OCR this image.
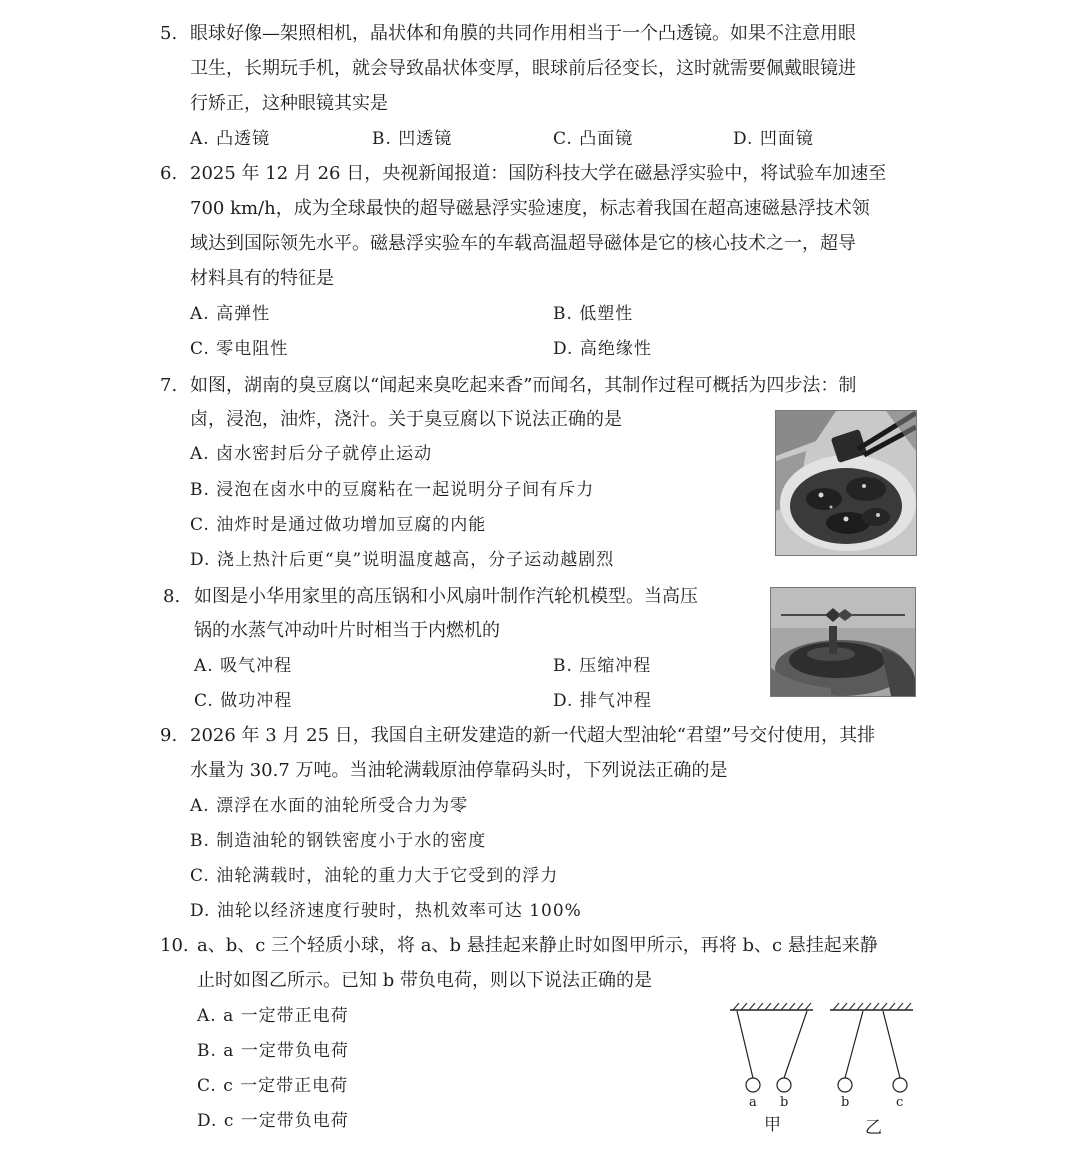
5. 眼球好像—架照相机，晶状体和角膜的共同作用相当于一个凸透镜。如果不注意用眼
卫生，长期玩手机，就会导致晶状体变厚，眼球前后径变长，这时就需要佩戴眼镜进
行矫正，这种眼镜其实是
A. 凸透镜	B. 凹透镜	C. 凸面镜	D. 凹面镜
6. 2025 年 12 月 26 日，央视新闻报道：国防科技大学在磁悬浮实验中，将试验车加速至
700 km/h，成为全球最快的超导磁悬浮实验速度，标志着我国在超高速磁悬浮技术领
域达到国际领先水平。磁悬浮实验车的车载高温超导磁体是它的核心技术之一，超导
材料具有的特征是
A. 高弹性	B. 低塑性
C. 零电阻性	D. 高绝缘性
7. 如图，湖南的臭豆腐以“闻起来臭吃起来香”而闻名，其制作过程可概括为四步法：制
卤，浸泡，油炸，浇汁。关于臭豆腐以下说法正确的是
A. 卤水密封后分子就停止运动
B. 浸泡在卤水中的豆腐粘在一起说明分子间有斥力
C. 油炸时是通过做功增加豆腐的内能
D. 浇上热汁后更“臭”说明温度越高，分子运动越剧烈
8. 如图是小华用家里的高压锅和小风扇叶制作汽轮机模型。当高压
锅的水蒸气冲动叶片时相当于内燃机的
A. 吸气冲程	B. 压缩冲程
C. 做功冲程	D. 排气冲程
9. 2026 年 3 月 25 日，我国自主研发建造的新一代超大型油轮“君望”号交付使用，其排
水量为 30.7 万吨。当油轮满载原油停靠码头时，下列说法正确的是
A. 漂浮在水面的油轮所受合力为零
B. 制造油轮的钢铁密度小于水的密度
C. 油轮满载时，油轮的重力大于它受到的浮力
D. 油轮以经济速度行驶时，热机效率可达 100%
10. a、b、c 三个轻质小球，将 a、b 悬挂起来静止时如图甲所示，再将 b、c 悬挂起来静
止时如图乙所示。已知 b 带负电荷，则以下说法正确的是
A. a 一定带正电荷
B. a 一定带负电荷
C. c 一定带正电荷
D. c 一定带负电荷
a b	b	c
甲	乙
